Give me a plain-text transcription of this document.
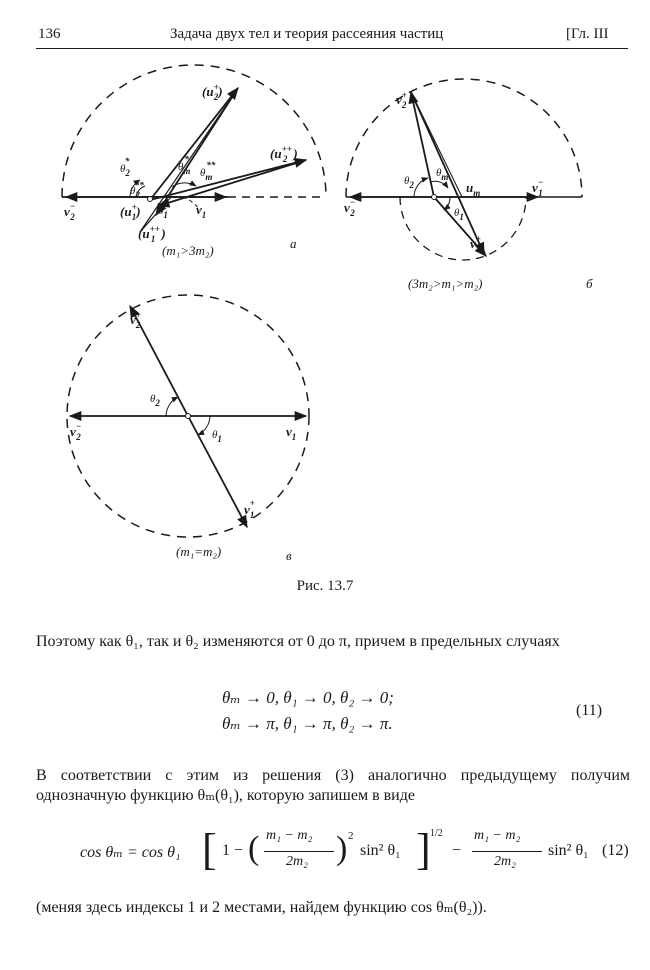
136	Задача двух тел и теория рассеяния частиц	[Гл. III
(u+ 2)
(u++ 2 )
v− 2	$v_1$
(u+ 1)
(u++ 1 )
$\theta_2*$
$\theta_2**$
$\theta_m*$
$\theta_m**$
$\theta_1$
(m₁>3m₂)	a
v+ 2
v− 2
v− 1
$u_m$
v+ 1
$\theta_2$
$\theta_m$
$\theta_1$
(3m₂>m₁>m₂)	б
v+ 2
v− 2	$v_1$
v+ 1
$\theta_2$
$\theta_1$
(m₁=m₂)	в
Рис. 13.7
Поэтому как θ₁, так и θ₂ изменяются от 0 до π, причем в предельных случаях
θₘ → 0, θ₁ → 0, θ₂ → 0;
θₘ → π, θ₁ → π, θ₂ → π.
(11)
В соответствии с этим из решения (3) аналогично предыдущему получим однозначную функцию θₘ(θ₁), которую запишем в виде
cos θₘ = cos θ₁ [ 1 − ( m₁ − m₂
2m₂ ) 2
sin² θ₁ ] 1/2
−
m₁ − m₂
2m₂
sin² θ₁ (12)
(меняя здесь индексы 1 и 2 местами, найдем функцию cos θₘ(θ₂)).
